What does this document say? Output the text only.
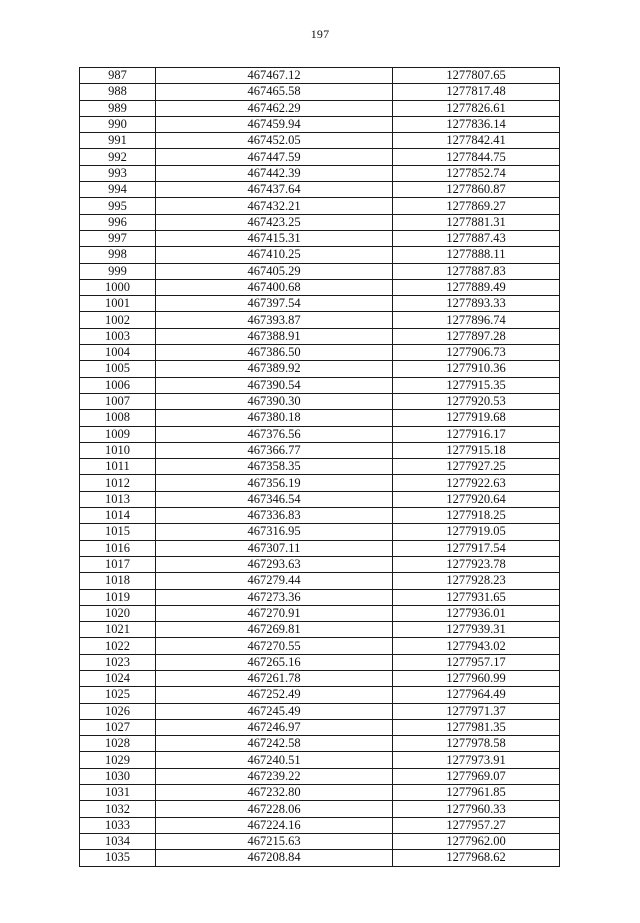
197
987	467467.12	1277807.65
988	467465.58	1277817.48
989	467462.29	1277826.61
990	467459.94	1277836.14
991	467452.05	1277842.41
992	467447.59	1277844.75
993	467442.39	1277852.74
994	467437.64	1277860.87
995	467432.21	1277869.27
996	467423.25	1277881.31
997	467415.31	1277887.43
998	467410.25	1277888.11
999	467405.29	1277887.83
1000	467400.68	1277889.49
1001	467397.54	1277893.33
1002	467393.87	1277896.74
1003	467388.91	1277897.28
1004	467386.50	1277906.73
1005	467389.92	1277910.36
1006	467390.54	1277915.35
1007	467390.30	1277920.53
1008	467380.18	1277919.68
1009	467376.56	1277916.17
1010	467366.77	1277915.18
1011	467358.35	1277927.25
1012	467356.19	1277922.63
1013	467346.54	1277920.64
1014	467336.83	1277918.25
1015	467316.95	1277919.05
1016	467307.11	1277917.54
1017	467293.63	1277923.78
1018	467279.44	1277928.23
1019	467273.36	1277931.65
1020	467270.91	1277936.01
1021	467269.81	1277939.31
1022	467270.55	1277943.02
1023	467265.16	1277957.17
1024	467261.78	1277960.99
1025	467252.49	1277964.49
1026	467245.49	1277971.37
1027	467246.97	1277981.35
1028	467242.58	1277978.58
1029	467240.51	1277973.91
1030	467239.22	1277969.07
1031	467232.80	1277961.85
1032	467228.06	1277960.33
1033	467224.16	1277957.27
1034	467215.63	1277962.00
1035	467208.84	1277968.62
